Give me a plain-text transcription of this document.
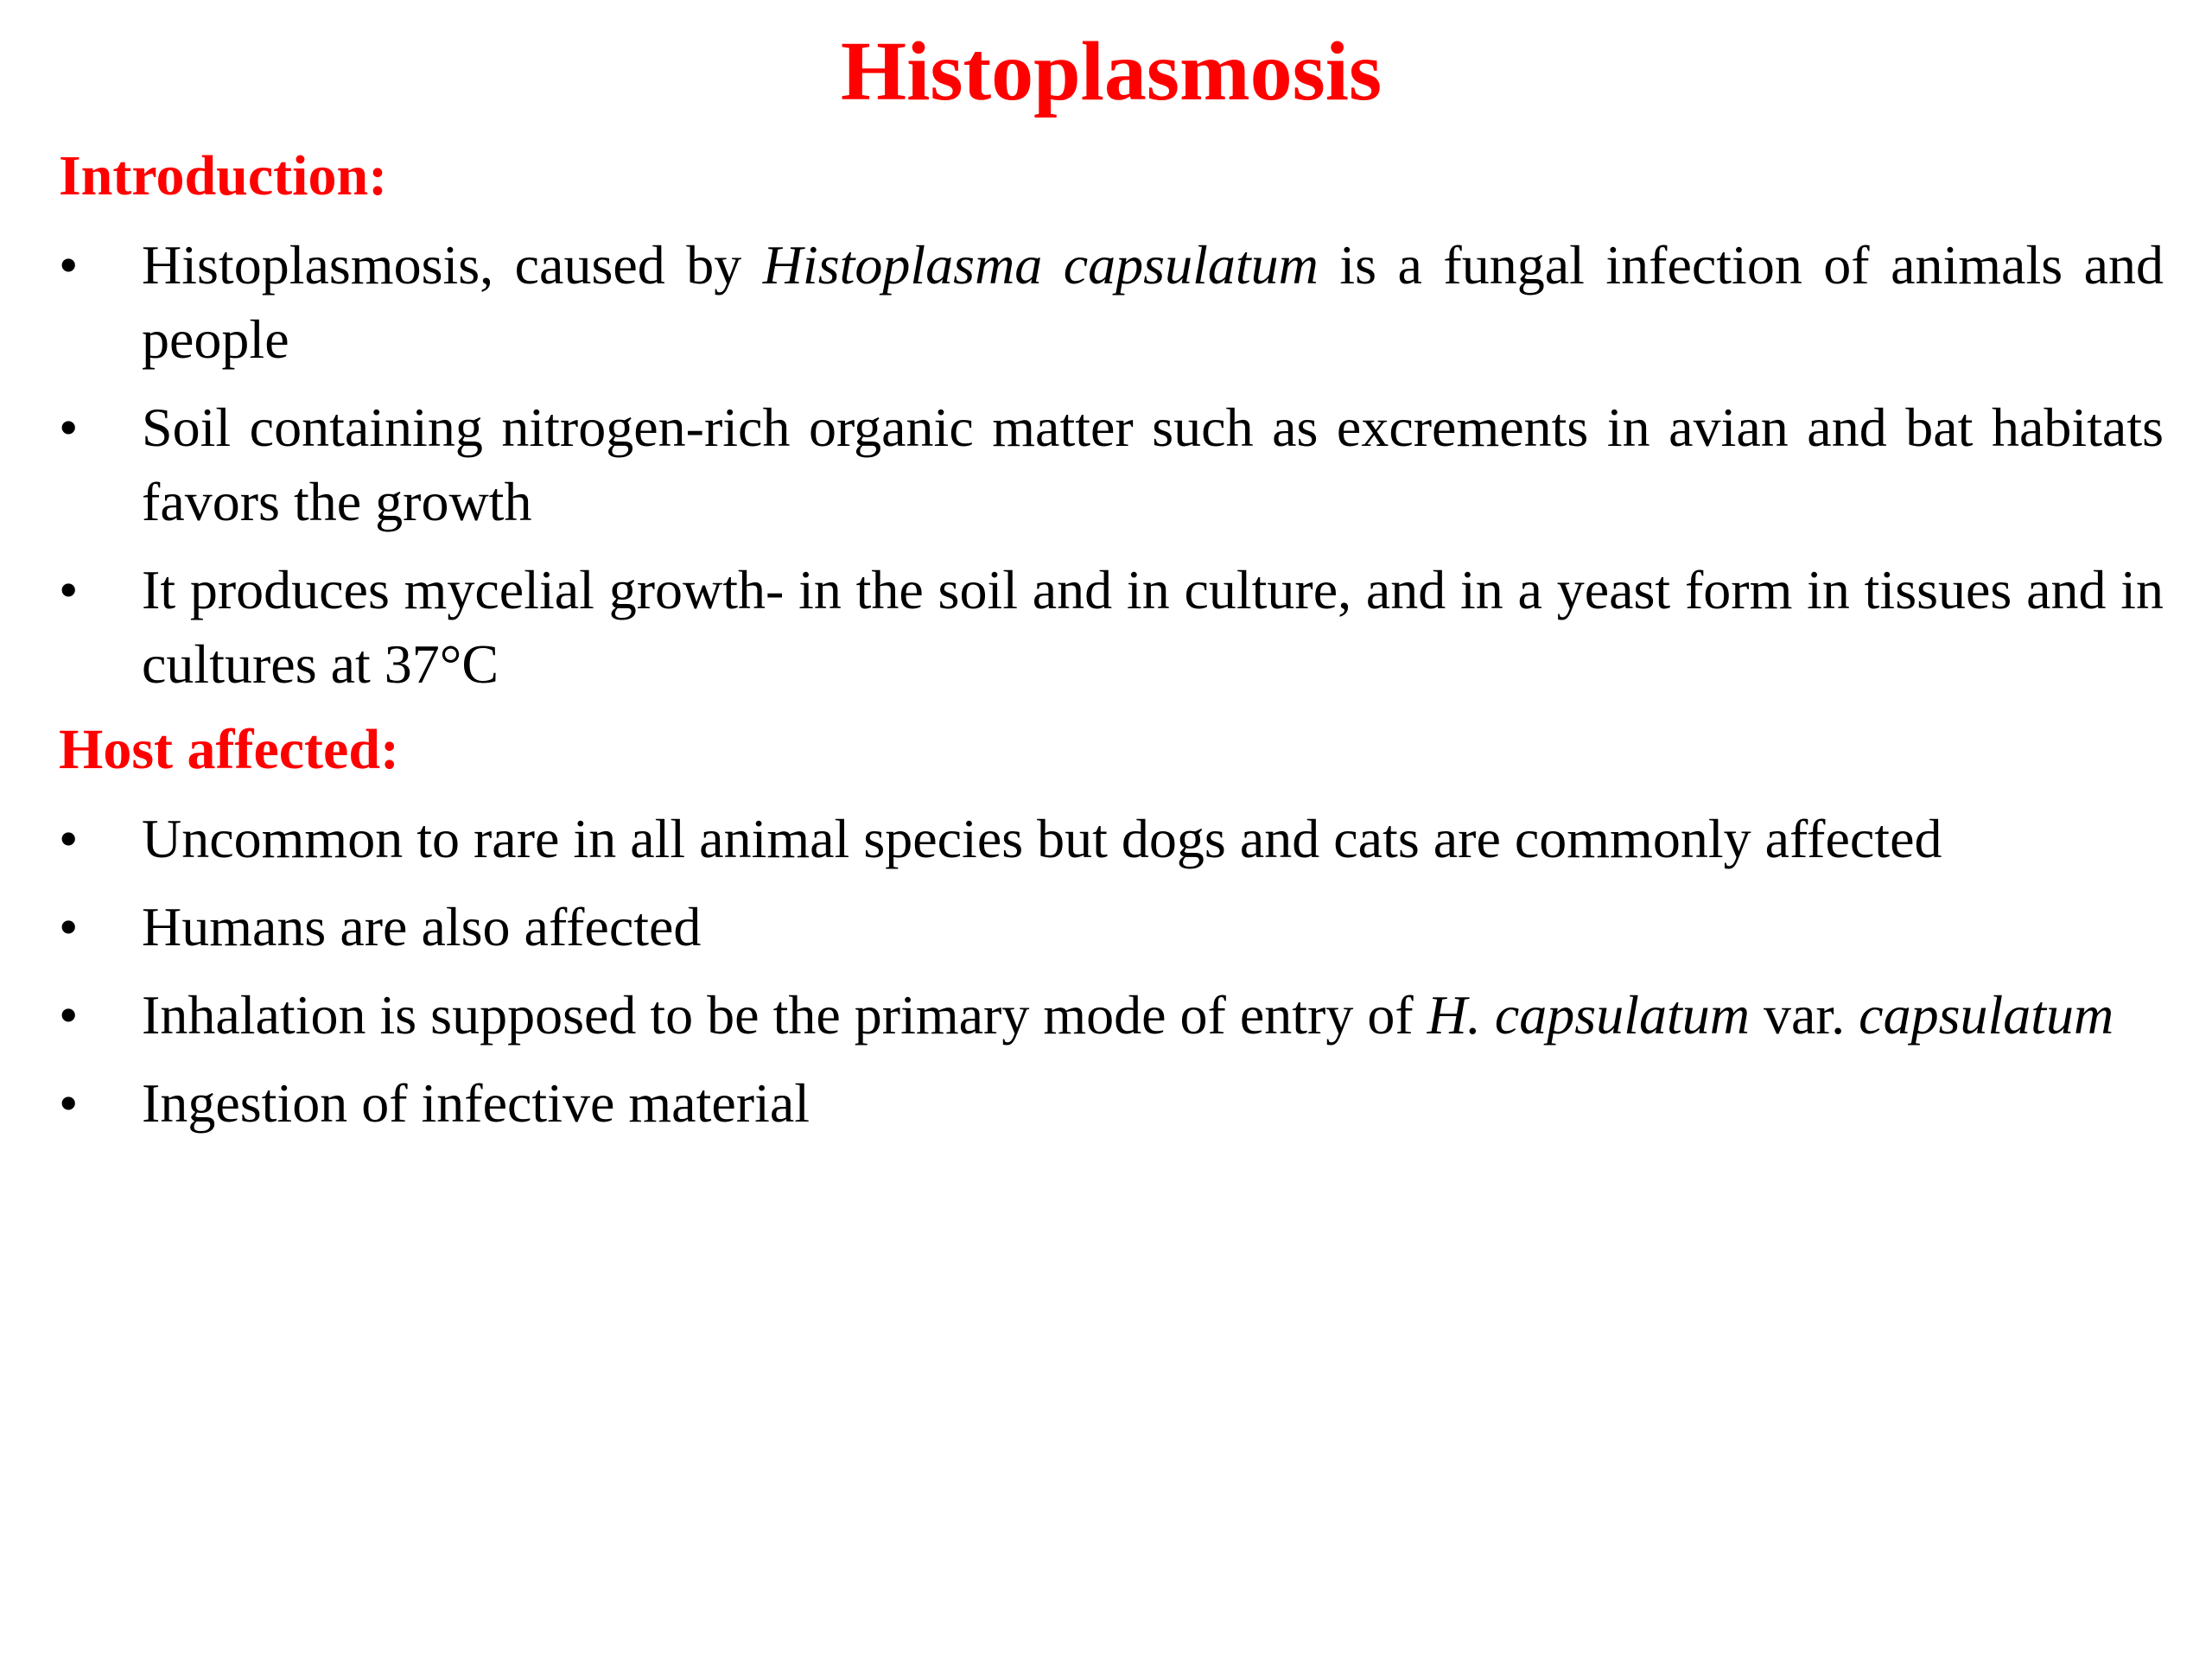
Histoplasmosis
Introduction:
• Histoplasmosis, caused by Histoplasma capsulatum is a fungal infection of animals and people
• Soil containing nitrogen-rich organic matter such as excrements in avian and bat habitats favors the growth
• It produces mycelial growth- in the soil and in culture, and in a yeast form in tissues and in cultures at 37°C
Host affected:
• Uncommon to rare in all animal species but dogs and cats are commonly affected
• Humans are also affected
• Inhalation is supposed to be the primary mode of entry of H. capsulatum var. capsulatum
• Ingestion of infective material
